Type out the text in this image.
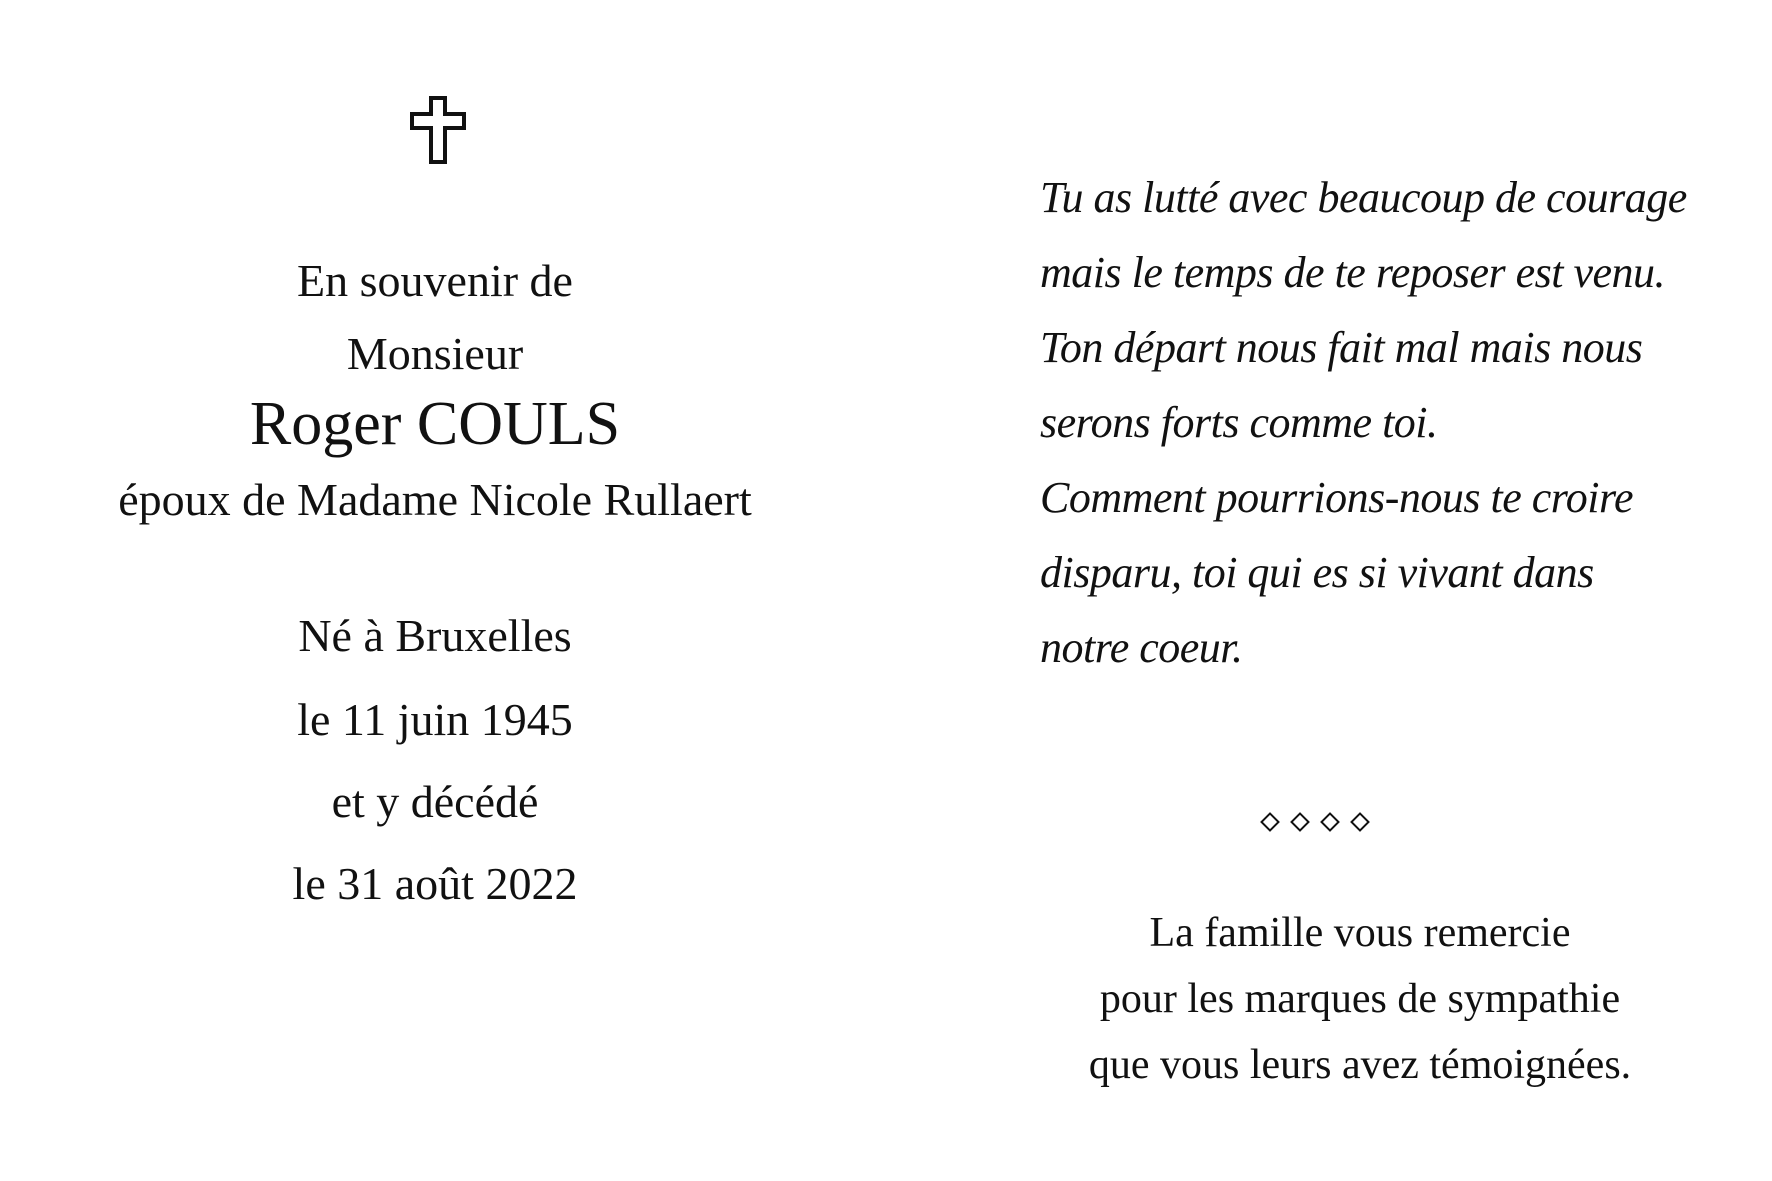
En souvenir de
Monsieur
Roger COULS
époux de Madame Nicole Rullaert
Né à Bruxelles
le 11 juin 1945
et y décédé
le 31 août 2022
Tu as lutté avec beaucoup de courage
mais le temps de te reposer est venu.
Ton départ nous fait mal mais nous
serons forts comme toi.
Comment pourrions-nous te croire
disparu, toi qui es si vivant dans
notre coeur.
La famille vous remercie
pour les marques de sympathie
que vous leurs avez témoignées.
